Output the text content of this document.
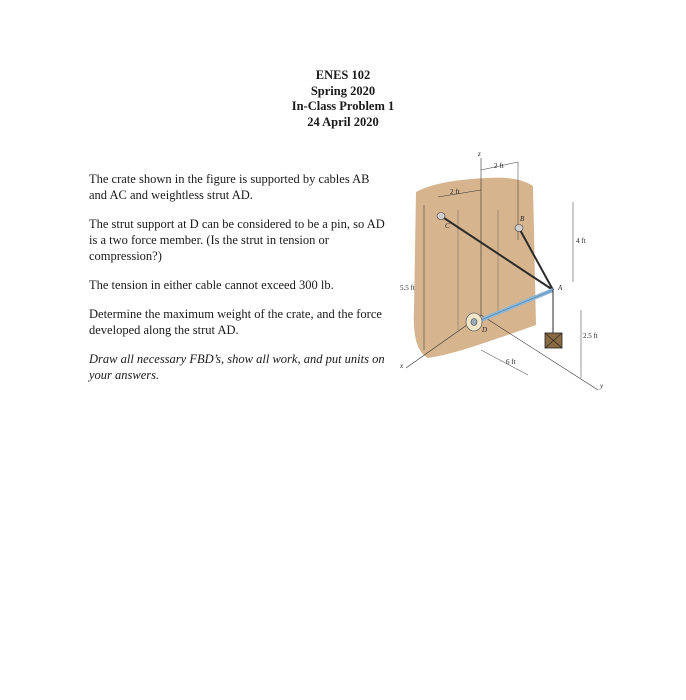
ENES 102
Spring 2020
In-Class Problem 1
24 April 2020

The crate shown in the figure is supported by cables AB and AC and weightless strut AD.

The strut support at D can be considered to be a pin, so AD is a two force member. (Is the strut in tension or compression?)

The tension in either cable cannot exceed 300 lb.

Determine the maximum weight of the crate, and the force developed along the strut AD.

Draw all necessary FBD’s, show all work, and put units on your answers.

z
x
y
2 ft
2 ft
4 ft
5.5 ft
2.5 ft
6 ft
A
B
C
D
